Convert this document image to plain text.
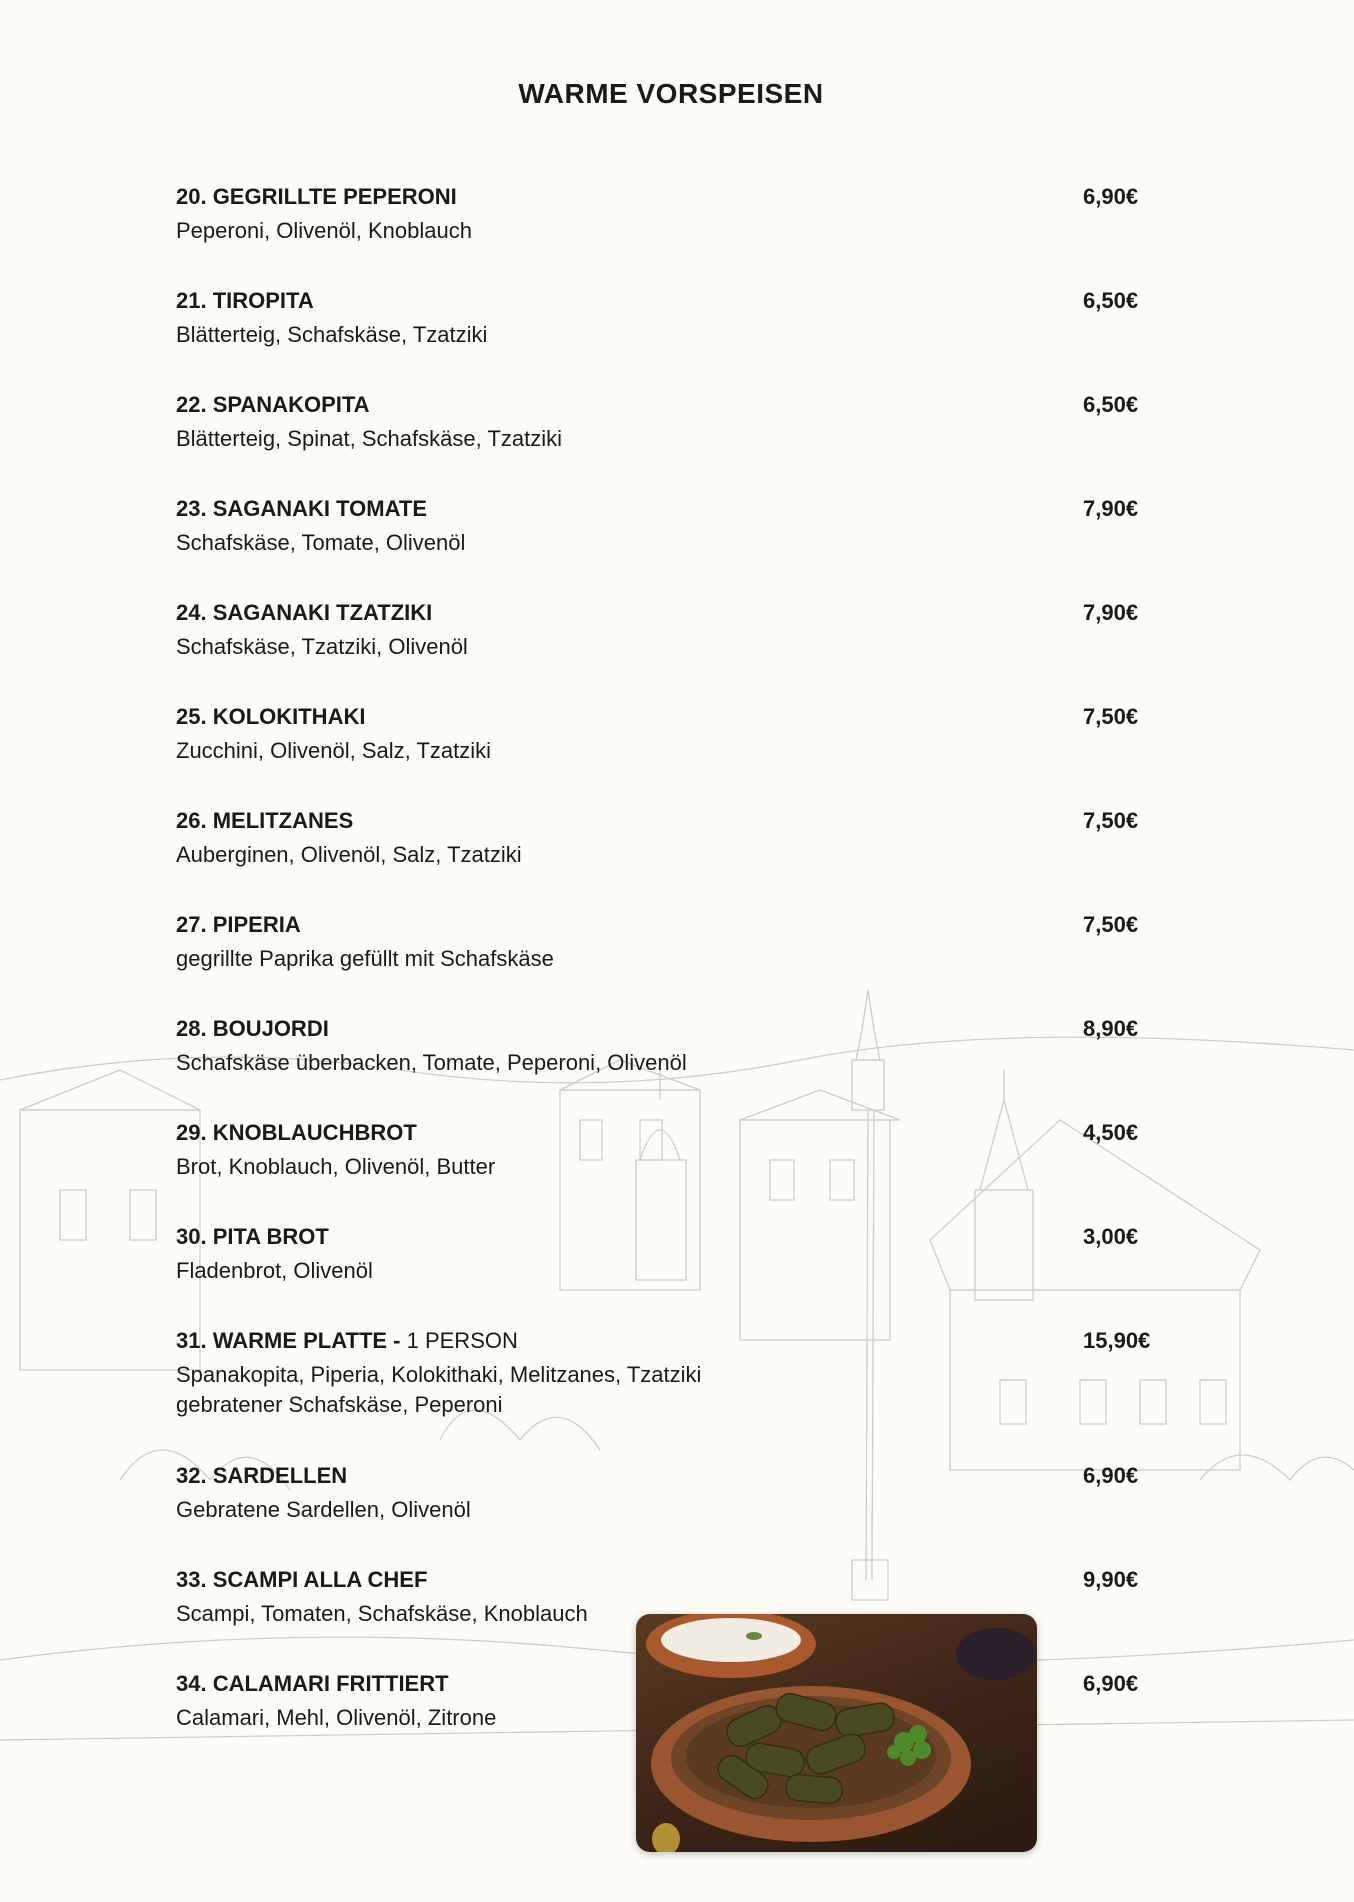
WARME VORSPEISEN
20. GEGRILLTE PEPERONI
Peperoni, Olivenöl, Knoblauch
6,90€
21. TIROPITA
Blätterteig, Schafskäse, Tzatziki
6,50€
22. SPANAKOPITA
Blätterteig, Spinat, Schafskäse, Tzatziki
6,50€
23. SAGANAKI TOMATE
Schafskäse, Tomate, Olivenöl
7,90€
24. SAGANAKI TZATZIKI
Schafskäse, Tzatziki, Olivenöl
7,90€
25. KOLOKITHAKI
Zucchini, Olivenöl, Salz, Tzatziki
7,50€
26. MELITZANES
Auberginen, Olivenöl, Salz, Tzatziki
7,50€
27. PIPERIA
gegrillte Paprika gefüllt mit Schafskäse
7,50€
28. BOUJORDI
Schafskäse überbacken, Tomate, Peperoni, Olivenöl
8,90€
29. KNOBLAUCHBROT
Brot, Knoblauch, Olivenöl, Butter
4,50€
30. PITA BROT
Fladenbrot, Olivenöl
3,00€
31. WARME PLATTE - 1 PERSON
Spanakopita, Piperia, Kolokithaki, Melitzanes, Tzatziki
gebratener Schafskäse, Peperoni
15,90€
32. SARDELLEN
Gebratene Sardellen, Olivenöl
6,90€
33. SCAMPI ALLA CHEF
Scampi, Tomaten, Schafskäse, Knoblauch
9,90€
34. CALAMARI FRITTIERT
Calamari, Mehl, Olivenöl, Zitrone
6,90€
